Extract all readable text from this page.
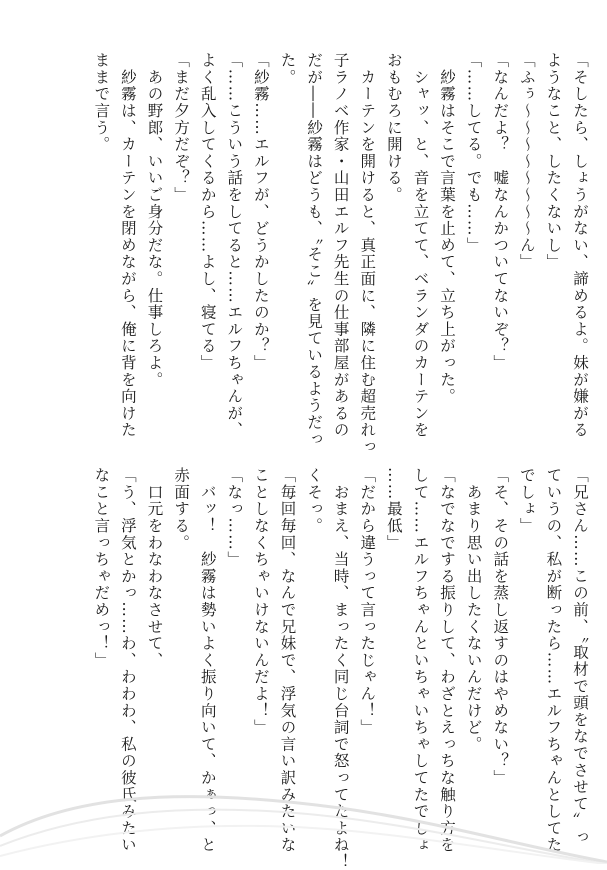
「そしたら、しょうがない、諦めるよ。妹が嫌がる
ようなこと、したくないし」
「ふぅ～～～～～～～～ん」
「なんだよ？　嘘なんかついてないぞ？」
「……してる。でも……」
　紗霧はそこで言葉を止めて、立ち上がった。
　シャッ、と、音を立てて、ベランダのカーテンを
おもむろに開ける。
　カーテンを開けると、真正面に、隣に住む超売れっ
子ラノベ作家・山田エルフ先生の仕事部屋があるの
だが――紗霧はどうも、〝そこ〟を見ているようだっ
た。
「紗霧……エルフが、どうかしたのか？」
「……こういう話をしてると……エルフちゃんが、
よく乱入してくるから……よし、寝てる」
「まだ夕方だぞ？」
　あの野郎、いいご身分だな。仕事しろよ。
　紗霧は、カーテンを閉めながら、俺に背を向けた
ままで言う。
「兄さん……この前、〝取材で頭をなでさせて〟っ
ていうの、私が断ったら……エルフちゃんとしてた
でしょ」
「そ、その話を蒸し返すのはやめない？」
　あまり思い出したくないんだけど。
「なでなでする振りして、わざとえっちな触り方を
して……エルフちゃんといちゃいちゃしてたでしょ
……最低」
「だから違うって言ったじゃん！」
　おまえ、当時、まったく同じ台詞で怒ってたよね！
くそっ。
「毎回毎回、なんで兄妹で、浮気の言い訳みたいな
ことしなくちゃいけないんだよ！」
「なっ……」
　バッ！　紗霧は勢いよく振り向いて、かぁっ、と
赤面する。
　口元をわなわなさせて、
「う、浮気とかっ……わ、わわわ、私の彼氏みたい
なこと言っちゃだめっ！」
